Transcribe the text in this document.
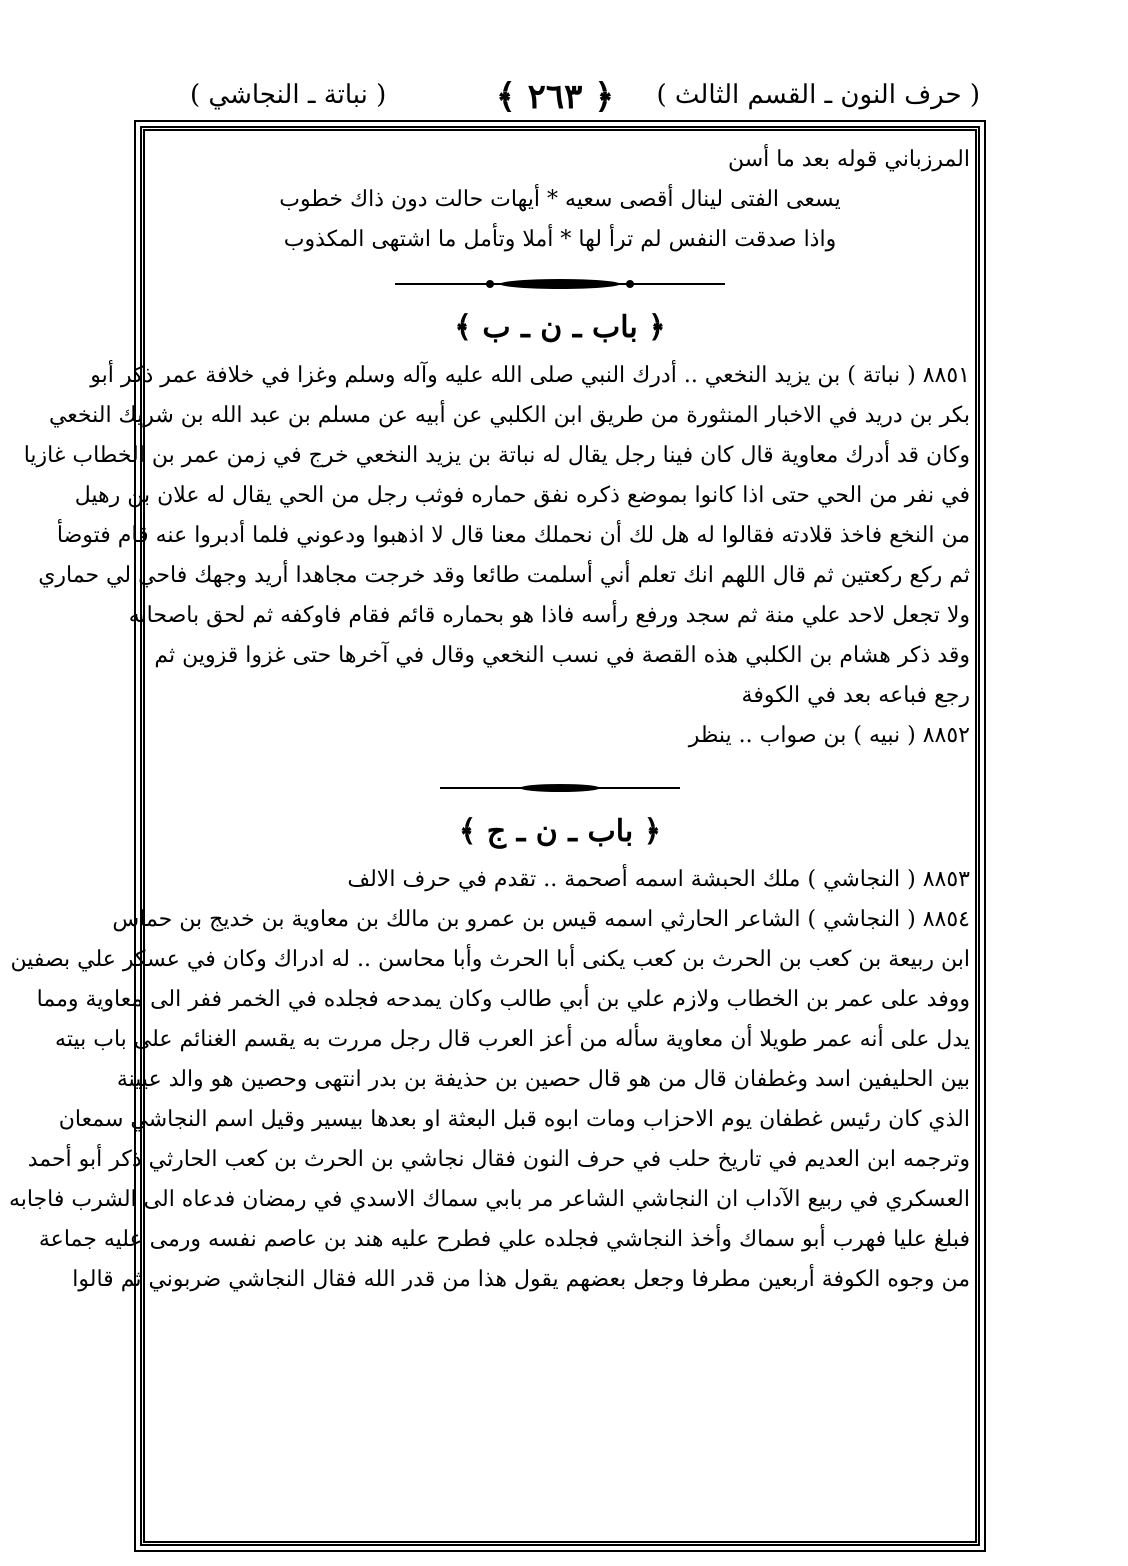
( حرف النون ـ القسم الثالث )
﴿ ٢٦٣ ﴾
( نباتة ـ النجاشي )
المرزباني قوله بعد ما أسن
يسعى الفتى لينال أقصى سعيه * أيهات حالت دون ذاك خطوب
واذا صدقت النفس لم ترأ لها * أملا وتأمل ما اشتهى المكذوب
﴿ باب ـ ن ـ ب ﴾
٨٨٥١ ( نباتة ) بن يزيد النخعي .. أدرك النبي صلى الله عليه وآله وسلم وغزا في خلافة عمر ذكر أبو
بكر بن دريد في الاخبار المنثورة من طريق ابن الكلبي عن أبيه عن مسلم بن عبد الله بن شريك النخعي
وكان قد أدرك معاوية قال كان فينا رجل يقال له نباتة بن يزيد النخعي خرج في زمن عمر بن الخطاب غازيا
في نفر من الحي حتى اذا كانوا بموضع ذكره نفق حماره فوثب رجل من الحي يقال له علان بن رهيل
من النخع فاخذ قلادته فقالوا له هل لك أن نحملك معنا قال لا اذهبوا ودعوني فلما أدبروا عنه قام فتوضأ
ثم ركع ركعتين ثم قال اللهم انك تعلم أني أسلمت طائعا وقد خرجت مجاهدا أريد وجهك فاحي لي حماري
ولا تجعل لاحد علي منة ثم سجد ورفع رأسه فاذا هو بحماره قائم فقام فاوكفه ثم لحق باصحابه
وقد ذكر هشام بن الكلبي هذه القصة في نسب النخعي وقال في آخرها حتى غزوا قزوين ثم
رجع فباعه بعد في الكوفة
٨٨٥٢ ( نبيه ) بن صواب .. ينظر
﴿ باب ـ ن ـ ج ﴾
٨٨٥٣ ( النجاشي ) ملك الحبشة اسمه أصحمة .. تقدم في حرف الالف
٨٨٥٤ ( النجاشي ) الشاعر الحارثي اسمه قيس بن عمرو بن مالك بن معاوية بن خديج بن حماس
ابن ربيعة بن كعب بن الحرث بن كعب يكنى أبا الحرث وأبا محاسن .. له ادراك وكان في عسكر علي بصفين
ووفد على عمر بن الخطاب ولازم علي بن أبي طالب وكان يمدحه فجلده في الخمر ففر الى معاوية ومما
يدل على أنه عمر طويلا أن معاوية سأله من أعز العرب قال رجل مررت به يقسم الغنائم على باب بيته
بين الحليفين اسد وغطفان قال من هو قال حصين بن حذيفة بن بدر انتهى وحصين هو والد عيينة
الذي كان رئيس غطفان يوم الاحزاب ومات ابوه قبل البعثة او بعدها بيسير وقيل اسم النجاشي سمعان
وترجمه ابن العديم في تاريخ حلب في حرف النون فقال نجاشي بن الحرث بن كعب الحارثي ذكر أبو أحمد
العسكري في ربيع الآداب ان النجاشي الشاعر مر بابي سماك الاسدي في رمضان فدعاه الى الشرب فاجابه
فبلغ عليا فهرب أبو سماك وأخذ النجاشي فجلده علي فطرح عليه هند بن عاصم نفسه ورمى عليه جماعة
من وجوه الكوفة أربعين مطرفا وجعل بعضهم يقول هذا من قدر الله فقال النجاشي ضربوني ثم قالوا
